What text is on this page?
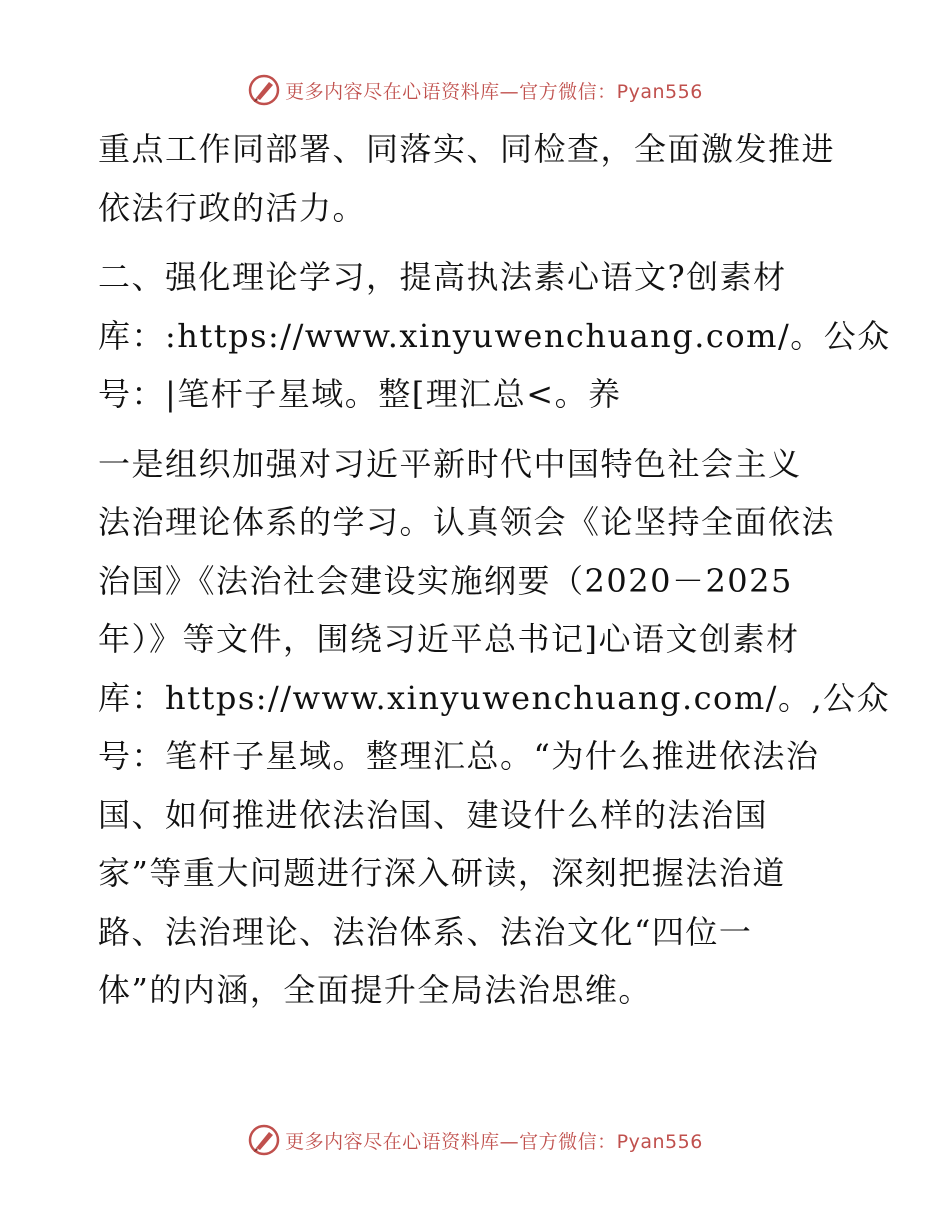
更多内容尽在心语资料库—官方微信：Pyan556

重点工作同部署、同落实、同检查，全面激发推进
依法行政的活力。

二、强化理论学习，提高执法素心语文?创素材
库：:https://www.xinyuwenchuang.com/。公众
号：|笔杆子星域。整[理汇总<。养

一是组织加强对习近平新时代中国特色社会主义
法治理论体系的学习。认真领会《论坚持全面依法
治国》《法治社会建设实施纲要（2020－2025
年）》等文件，围绕习近平总书记]心语文创素材
库：https://www.xinyuwenchuang.com/。,公众
号：笔杆子星域。整理汇总。“为什么推进依法治
国、如何推进依法治国、建设什么样的法治国
家”等重大问题进行深入研读，深刻把握法治道
路、法治理论、法治体系、法治文化“四位一
体”的内涵，全面提升全局法治思维。

更多内容尽在心语资料库—官方微信：Pyan556
